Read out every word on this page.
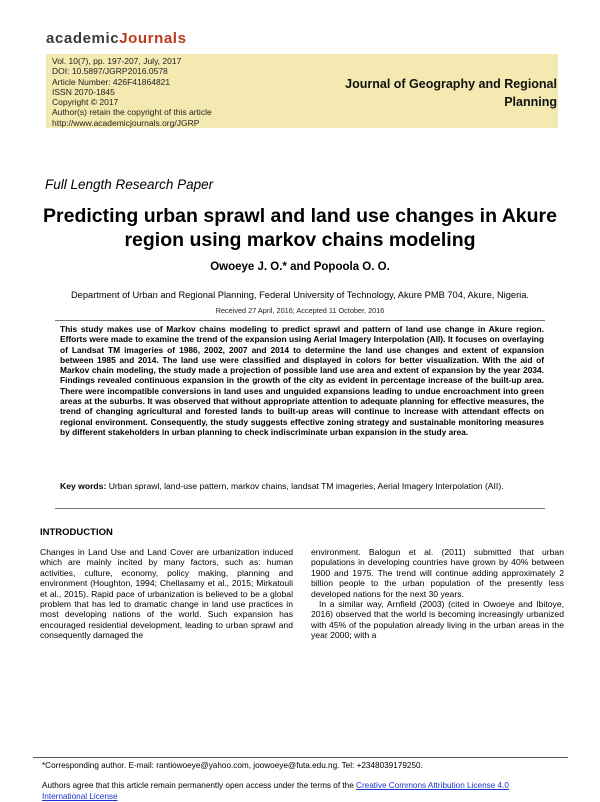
academicJournals
Vol. 10(7), pp. 197-207, July, 2017
DOI: 10.5897/JGRP2016.0578
Article Number: 426F41864821
ISSN 2070-1845
Copyright © 2017
Author(s) retain the copyright of this article
http://www.academicjournals.org/JGRP
Journal of Geography and Regional Planning
Full Length Research Paper
Predicting urban sprawl and land use changes in Akure region using markov chains modeling
Owoeye J. O.* and Popoola O. O.
Department of Urban and Regional Planning, Federal University of Technology, Akure PMB 704, Akure, Nigeria.
Received 27 April, 2016; Accepted 11 October, 2016
This study makes use of Markov chains modeling to predict sprawl and pattern of land use change in Akure region. Efforts were made to examine the trend of the expansion using Aerial Imagery Interpolation (AII). It focuses on overlaying of Landsat TM imageries of 1986, 2002, 2007 and 2014 to determine the land use changes and extent of expansion between 1985 and 2014. The land use were classified and displayed in colors for better visualization. With the aid of Markov chain modeling, the study made a projection of possible land use area and extent of expansion by the year 2034. Findings revealed continuous expansion in the growth of the city as evident in percentage increase of the built-up area. There were incompatible conversions in land uses and unguided expansions leading to undue encroachment into green areas at the suburbs. It was observed that without appropriate attention to adequate planning for effective measures, the trend of changing agricultural and forested lands to built-up areas will continue to increase with attendant effects on regional environment. Consequently, the study suggests effective zoning strategy and sustainable monitoring measures by different stakeholders in urban planning to check indiscriminate urban expansion in the study area.
Key words: Urban sprawl, land-use pattern, markov chains, landsat TM imageries, Aerial Imagery Interpolation (AII).
INTRODUCTION
Changes in Land Use and Land Cover are urbanization induced which are mainly incited by many factors, such as: human activities, culture, economy, policy making, planning and environment (Houghton, 1994; Chellasamy et al., 2015; Mirkatouli et al., 2015). Rapid pace of urbanization is believed to be a global problem that has led to dramatic change in land use practices in most developing nations of the world. Such expansion has encouraged residential development, leading to urban sprawl and consequently damaged the

environment. Balogun et al. (2011) submitted that urban populations in developing countries have grown by 40% between 1900 and 1975. The trend will continue adding approximately 2 billion people to the urban population of the presently less developed nations for the next 30 years.

In a similar way, Arnfield (2003) (cited in Owoeye and Ibitoye, 2016) observed that the world is becoming increasingly urbanized with 45% of the population already living in the urban areas in the year 2000; with a

*Corresponding author. E-mail: rantiowoeye@yahoo.com, joowoeye@futa.edu.ng. Tel: +2348039179250.
Authors agree that this article remain permanently open access under the terms of the Creative Commons Attribution License 4.0 International License
